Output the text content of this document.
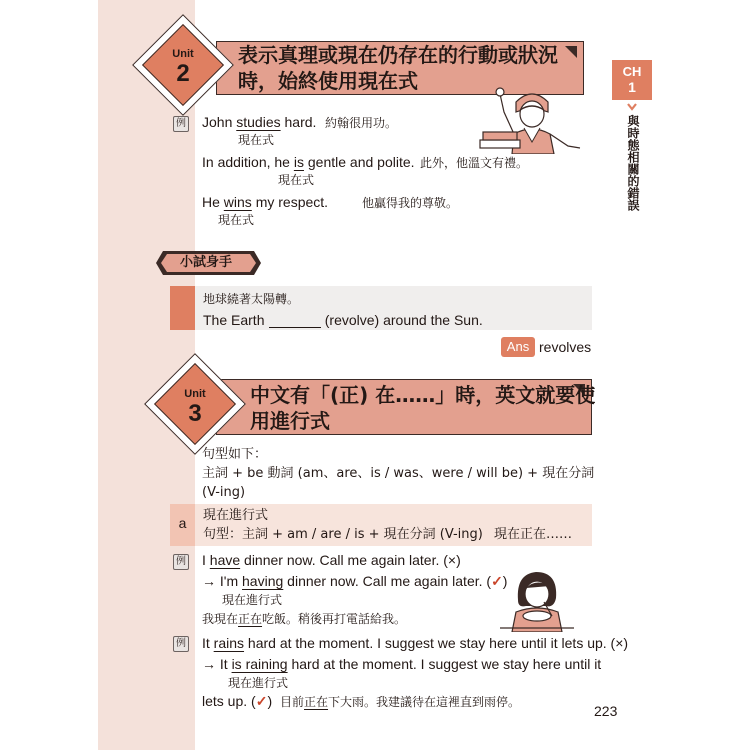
表示真理或現在仍存在的行動或狀況
時，始終使用現在式
Unit
2	CH
1
與時態相關的錯誤
例 John studies hard. 約翰很用功。
現在式
In addition, he is gentle and polite. 此外，他溫文有禮。
現在式
He wins my respect.	他贏得我的尊敬。
現在式
小試身手
地球繞著太陽轉。
The Earth	(revolve) around the Sun.
Ans revolves
中文有「(正) 在……」時，英文就要使
用進行式
Unit
3
句型如下：
主詞 + be 動詞 (am、are、is / was、were / will be) + 現在分詞
(V-ing)
a	現在進行式
句型：主詞 + am / are / is + 現在分詞 (V-ing) 現在正在……
例 I have dinner now. Call me again later. (×)
→ I'm having dinner now. Call me again later. (✓)
現在進行式
我現在正在吃飯。稍後再打電話給我。
例 It rains hard at the moment. I suggest we stay here until it lets up. (×)
→ It is raining hard at the moment. I suggest we stay here until it
現在進行式
lets up. (✓) 目前正在下大雨。我建議待在這裡直到雨停。
223
